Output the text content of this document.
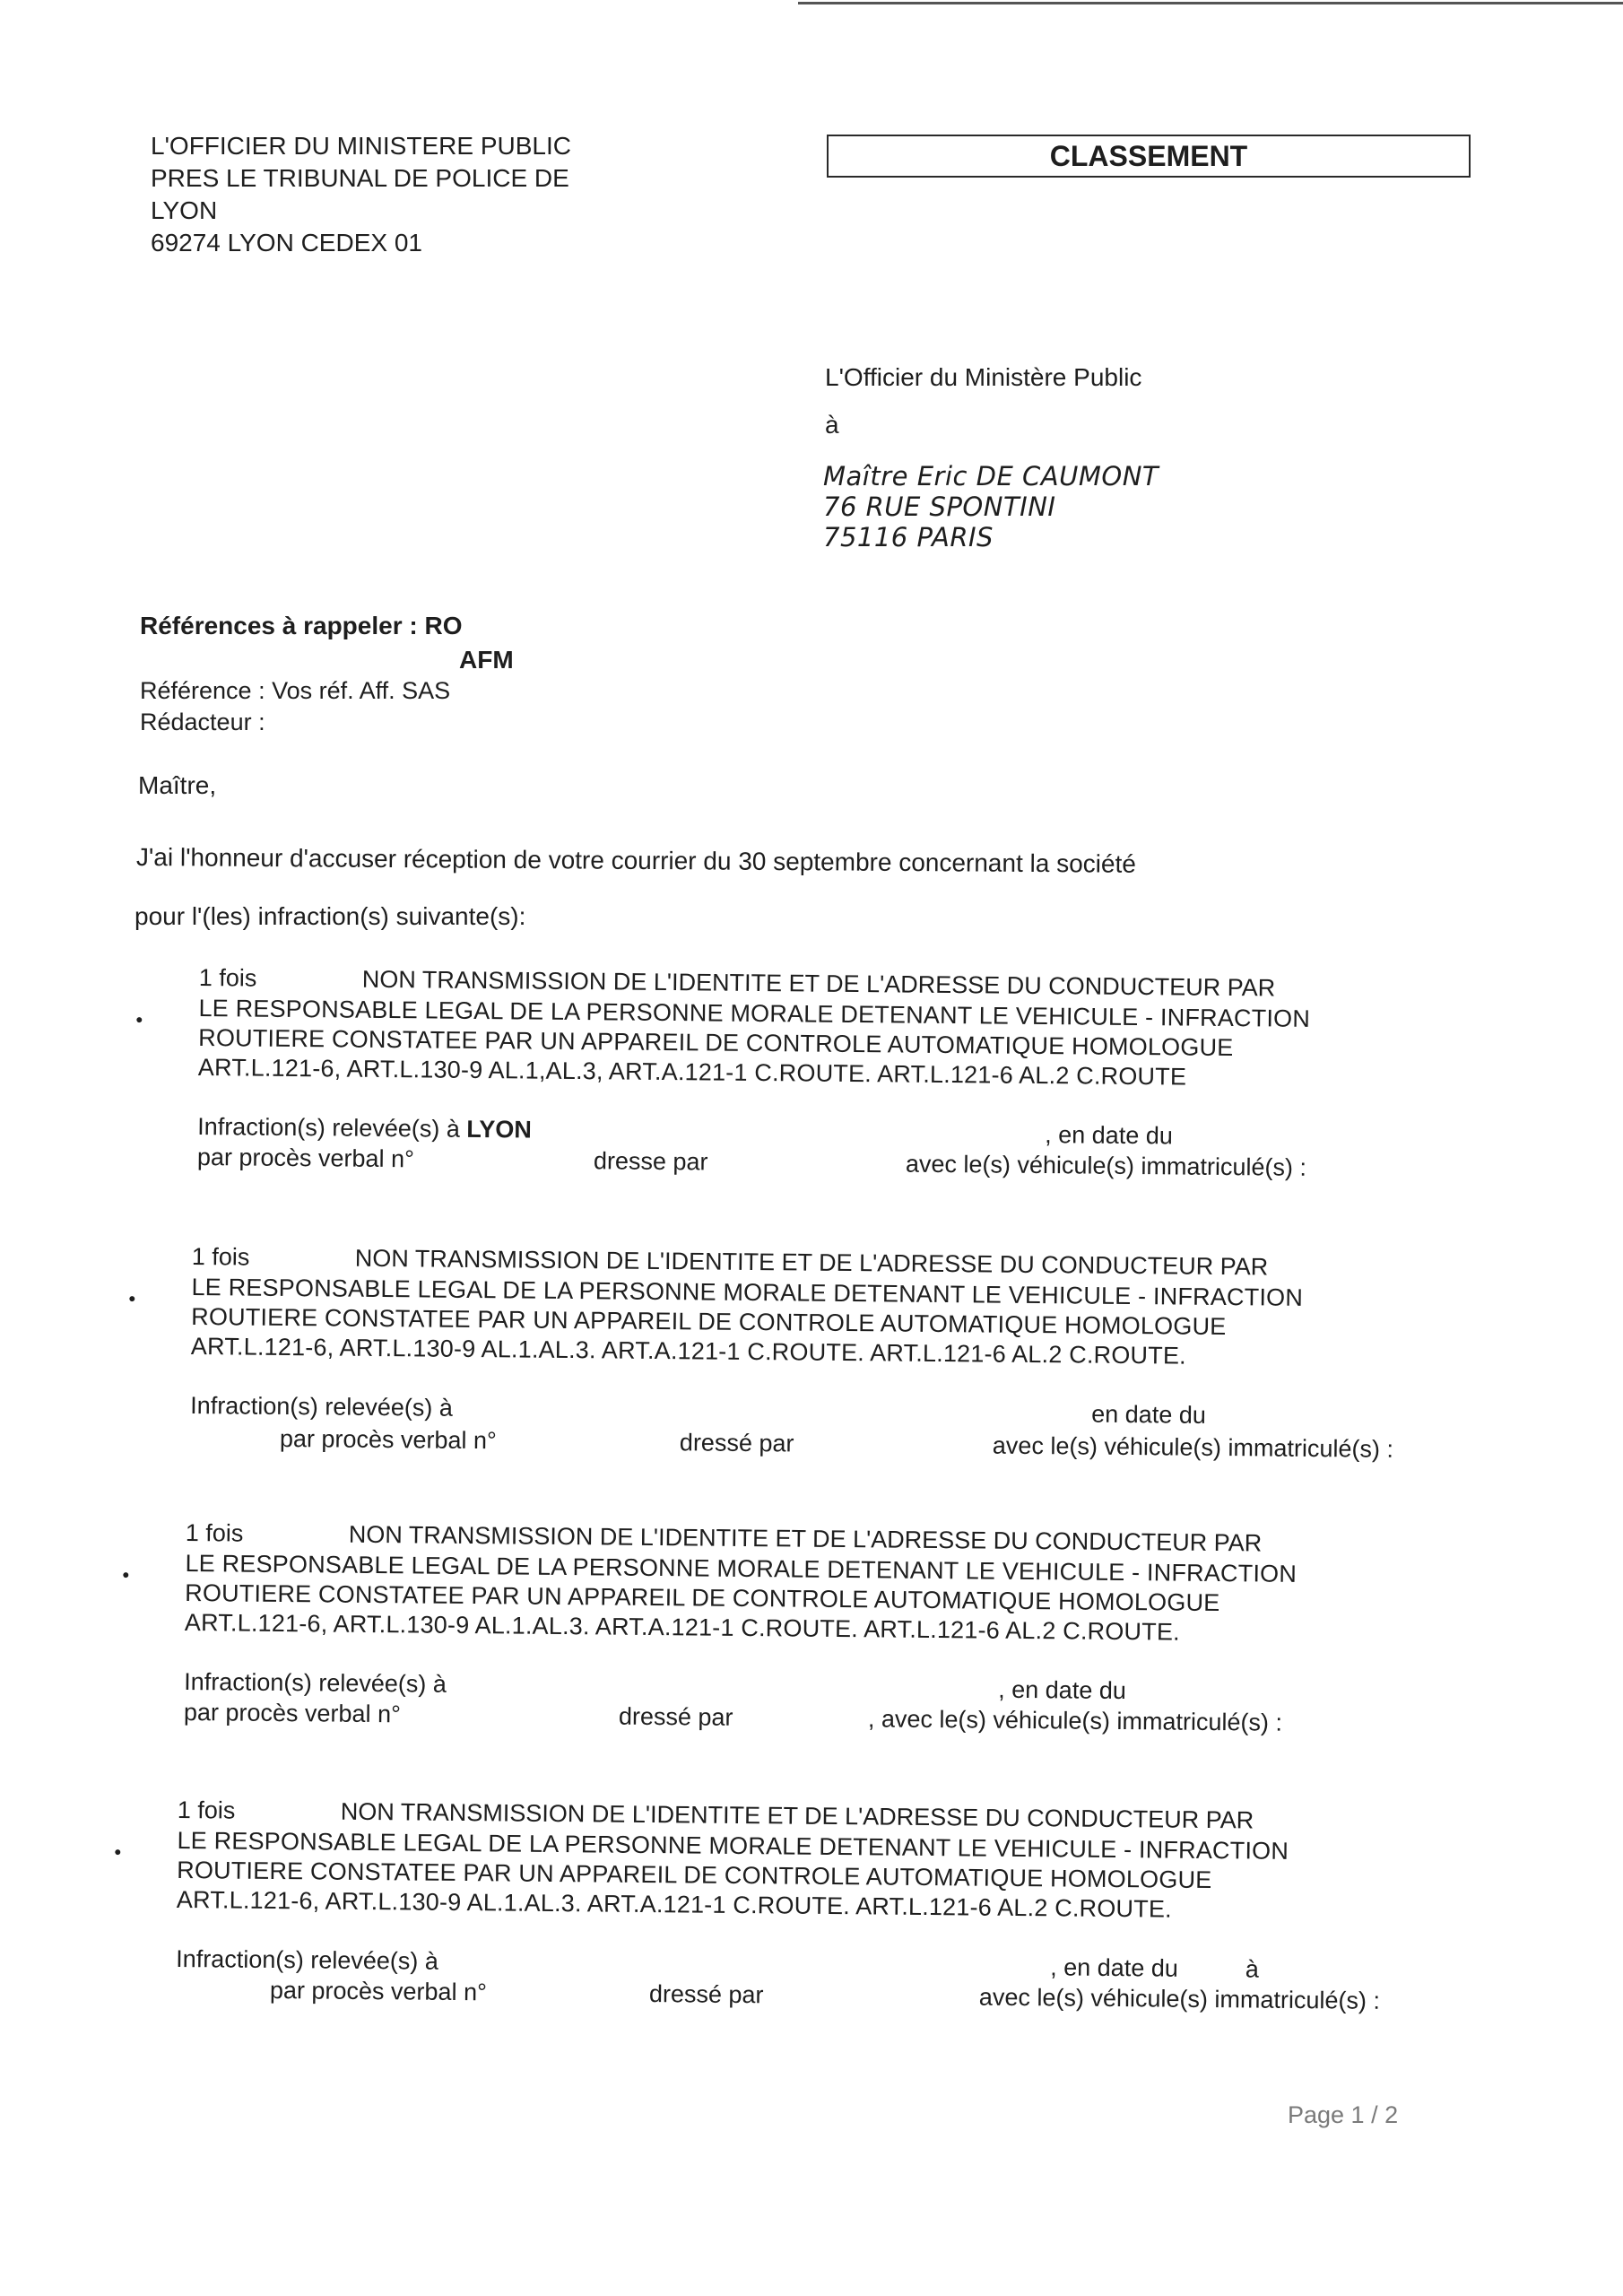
L'OFFICIER DU MINISTERE PUBLIC
PRES LE TRIBUNAL DE POLICE DE
LYON
69274 LYON CEDEX 01
CLASSEMENT
L'Officier du Ministère Public
à
Maître Eric DE CAUMONT
76 RUE SPONTINI
75116 PARIS
Références à rappeler : RO
AFM
Référence : Vos réf. Aff. SAS
Rédacteur :
Maître,
J'ai l'honneur d'accuser réception de votre courrier du 30 septembre concernant la société
pour l'(les) infraction(s) suivante(s):
•
1 fois	NON TRANSMISSION DE L'IDENTITE ET DE L'ADRESSE DU CONDUCTEUR PAR
LE RESPONSABLE LEGAL DE LA PERSONNE MORALE DETENANT LE VEHICULE - INFRACTION
ROUTIERE CONSTATEE PAR UN APPAREIL DE CONTROLE AUTOMATIQUE HOMOLOGUE
ART.L.121-6, ART.L.130-9 AL.1,AL.3, ART.A.121-1 C.ROUTE. ART.L.121-6 AL.2 C.ROUTE
Infraction(s) relevée(s) à LYON	, en date du
par procès verbal n°	dresse par	avec le(s) véhicule(s) immatriculé(s) :
•
1 fois	NON TRANSMISSION DE L'IDENTITE ET DE L'ADRESSE DU CONDUCTEUR PAR
LE RESPONSABLE LEGAL DE LA PERSONNE MORALE DETENANT LE VEHICULE - INFRACTION
ROUTIERE CONSTATEE PAR UN APPAREIL DE CONTROLE AUTOMATIQUE HOMOLOGUE
ART.L.121-6, ART.L.130-9 AL.1.AL.3. ART.A.121-1 C.ROUTE. ART.L.121-6 AL.2 C.ROUTE.
Infraction(s) relevée(s) à	en date du
par procès verbal n°	dressé par	avec le(s) véhicule(s) immatriculé(s) :
•
1 fois	NON TRANSMISSION DE L'IDENTITE ET DE L'ADRESSE DU CONDUCTEUR PAR
LE RESPONSABLE LEGAL DE LA PERSONNE MORALE DETENANT LE VEHICULE - INFRACTION
ROUTIERE CONSTATEE PAR UN APPAREIL DE CONTROLE AUTOMATIQUE HOMOLOGUE
ART.L.121-6, ART.L.130-9 AL.1.AL.3. ART.A.121-1 C.ROUTE. ART.L.121-6 AL.2 C.ROUTE.
Infraction(s) relevée(s) à	, en date du
par procès verbal n°	dressé par	, avec le(s) véhicule(s) immatriculé(s) :
•
1 fois	NON TRANSMISSION DE L'IDENTITE ET DE L'ADRESSE DU CONDUCTEUR PAR
LE RESPONSABLE LEGAL DE LA PERSONNE MORALE DETENANT LE VEHICULE - INFRACTION
ROUTIERE CONSTATEE PAR UN APPAREIL DE CONTROLE AUTOMATIQUE HOMOLOGUE
ART.L.121-6, ART.L.130-9 AL.1.AL.3. ART.A.121-1 C.ROUTE. ART.L.121-6 AL.2 C.ROUTE.
Infraction(s) relevée(s) à	, en date du          à
par procès verbal n°	dressé par	avec le(s) véhicule(s) immatriculé(s) :
Page 1 / 2
